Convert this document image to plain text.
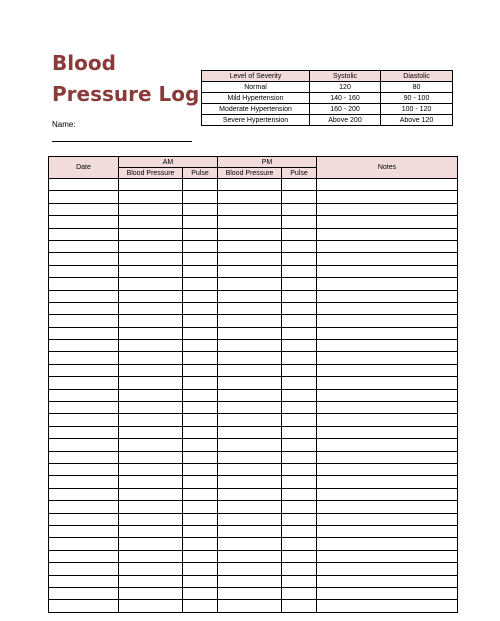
Blood
Pressure Log
Name:
Level of Severity	Systolic	Diastolic
Normal	120	80
Mild Hypertension	140 - 160	90 - 100
Moderate Hypertension	160 - 200	100 - 120
Severe Hypertension	Above 200	Above 120
Date	AM		PM		Notes
	Blood Pressure	Pulse	Blood Pressure	Pulse	
